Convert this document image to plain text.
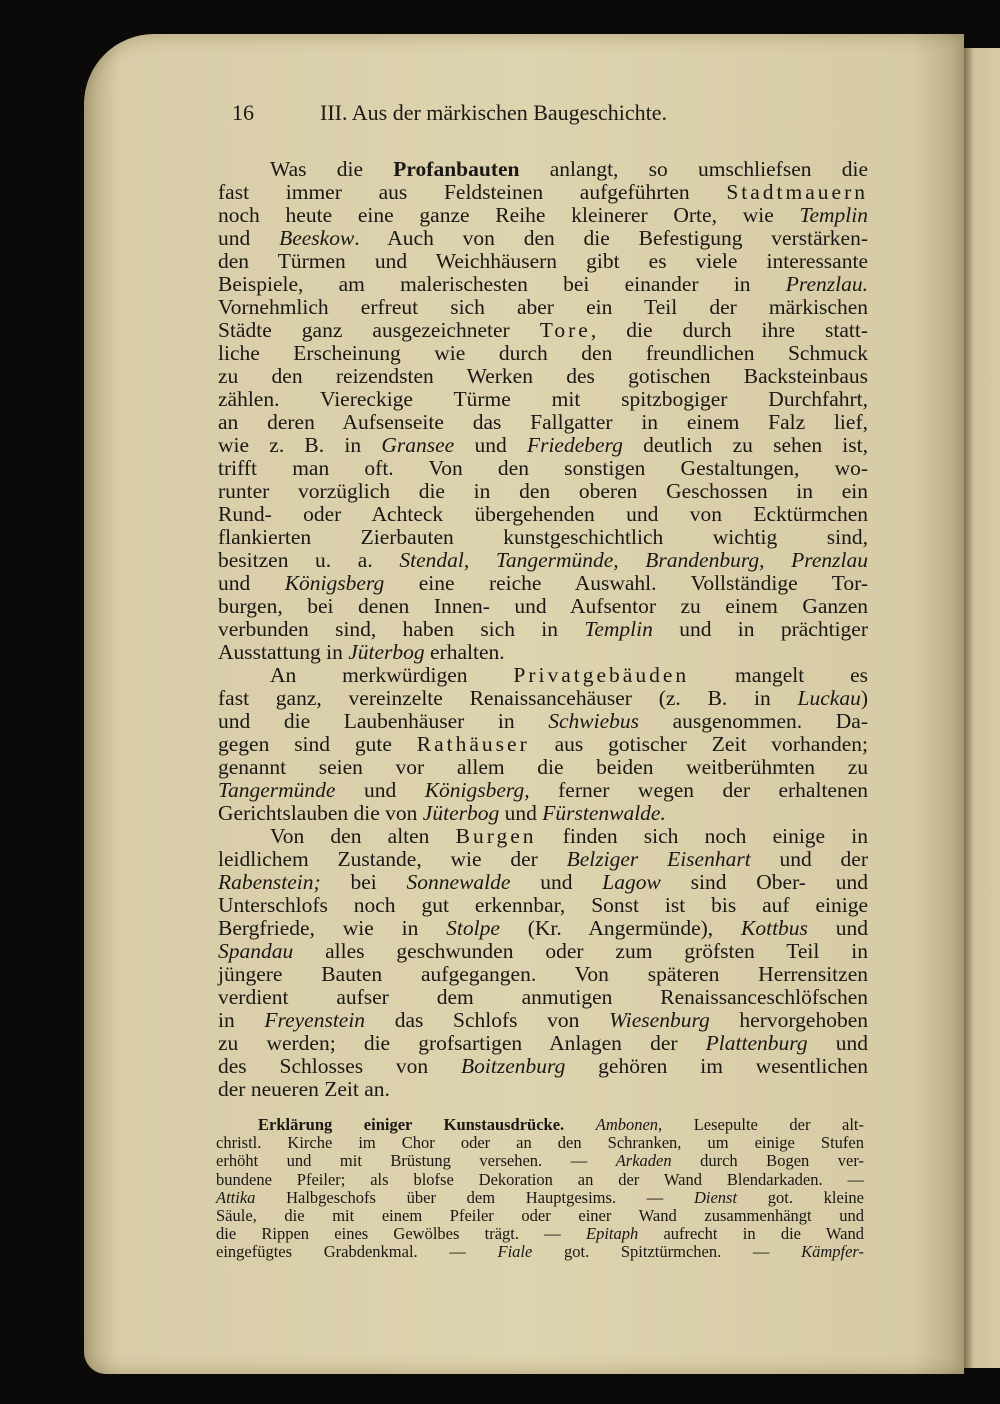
16	III. Aus der märkischen Baugeschichte.
Was die Profanbauten anlangt, so umschliefsen die
fast immer aus Feldsteinen aufgeführten Stadtmauern
noch heute eine ganze Reihe kleinerer Orte, wie Templin
und Beeskow. Auch von den die Befestigung verstärken-
den Türmen und Weichhäusern gibt es viele interessante
Beispiele, am malerischesten bei einander in Prenzlau.
Vornehmlich erfreut sich aber ein Teil der märkischen
Städte ganz ausgezeichneter Tore, die durch ihre statt-
liche Erscheinung wie durch den freundlichen Schmuck
zu den reizendsten Werken des gotischen Backsteinbaus
zählen. Viereckige Türme mit spitzbogiger Durchfahrt,
an deren Aufsenseite das Fallgatter in einem Falz lief,
wie z. B. in Gransee und Friedeberg deutlich zu sehen ist,
trifft man oft. Von den sonstigen Gestaltungen, wo-
runter vorzüglich die in den oberen Geschossen in ein
Rund- oder Achteck übergehenden und von Ecktürmchen
flankierten Zierbauten kunstgeschichtlich wichtig sind,
besitzen u. a. Stendal, Tangermünde, Brandenburg, Prenzlau
und Königsberg eine reiche Auswahl. Vollständige Tor-
burgen, bei denen Innen- und Aufsentor zu einem Ganzen
verbunden sind, haben sich in Templin und in prächtiger
Ausstattung in Jüterbog erhalten.
An merkwürdigen Privatgebäuden mangelt es
fast ganz, vereinzelte Renaissancehäuser (z. B. in Luckau)
und die Laubenhäuser in Schwiebus ausgenommen. Da-
gegen sind gute Rathäuser aus gotischer Zeit vorhanden;
genannt seien vor allem die beiden weitberühmten zu
Tangermünde und Königsberg, ferner wegen der erhaltenen
Gerichtslauben die von Jüterbog und Fürstenwalde.
Von den alten Burgen finden sich noch einige in
leidlichem Zustande, wie der Belziger Eisenhart und der
Rabenstein; bei Sonnewalde und Lagow sind Ober- und
Unterschlofs noch gut erkennbar, Sonst ist bis auf einige
Bergfriede, wie in Stolpe (Kr. Angermünde), Kottbus und
Spandau alles geschwunden oder zum gröfsten Teil in
jüngere Bauten aufgegangen. Von späteren Herrensitzen
verdient aufser dem anmutigen Renaissanceschlöfschen
in Freyenstein das Schlofs von Wiesenburg hervorgehoben
zu werden; die grofsartigen Anlagen der Plattenburg und
des Schlosses von Boitzenburg gehören im wesentlichen
der neueren Zeit an.
Erklärung einiger Kunstausdrücke. Ambonen, Lesepulte der alt-
christl. Kirche im Chor oder an den Schranken, um einige Stufen
erhöht und mit Brüstung versehen. — Arkaden durch Bogen ver-
bundene Pfeiler; als blofse Dekoration an der Wand Blendarkaden. —
Attika Halbgeschofs über dem Hauptgesims. — Dienst got. kleine
Säule, die mit einem Pfeiler oder einer Wand zusammenhängt und
die Rippen eines Gewölbes trägt. — Epitaph aufrecht in die Wand
eingefügtes Grabdenkmal. — Fiale got. Spitztürmchen. — Kämpfer-
